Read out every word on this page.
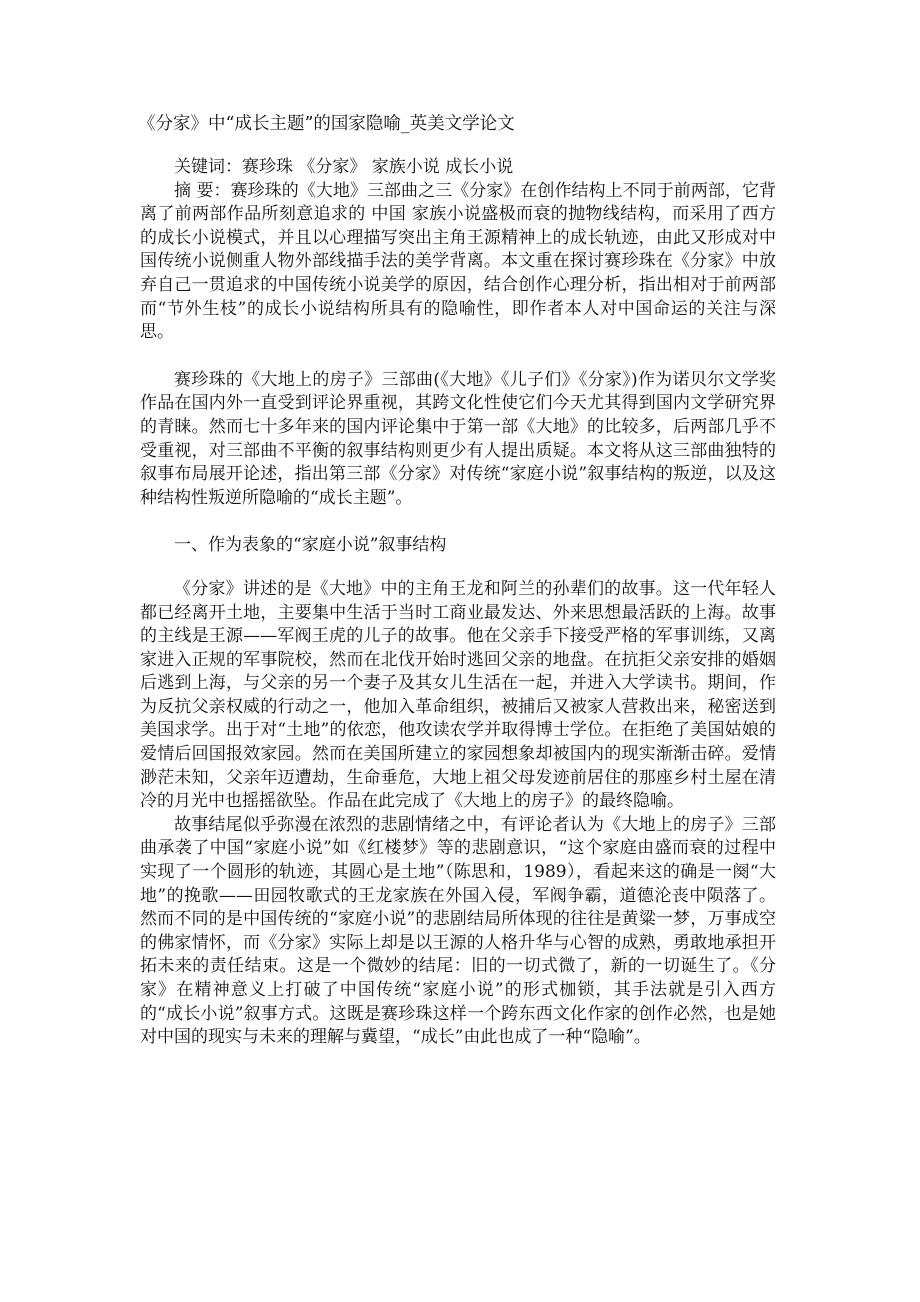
《分家》中“成长主题”的国家隐喻_英美文学论文

关键词：赛珍珠 《分家》 家族小说 成长小说

摘 要：赛珍珠的《大地》三部曲之三《分家》在创作结构上不同于前两部，它背离了前两部作品所刻意追求的 中国 家族小说盛极而衰的抛物线结构，而采用了西方的成长小说模式，并且以心理描写突出主角王源精神上的成长轨迹，由此又形成对中国传统小说侧重人物外部线描手法的美学背离。本文重在探讨赛珍珠在《分家》中放弃自己一贯追求的中国传统小说美学的原因，结合创作心理分析，指出相对于前两部而“节外生枝”的成长小说结构所具有的隐喻性，即作者本人对中国命运的关注与深思。

赛珍珠的《大地上的房子》三部曲(《大地》《儿子们》《分家》)作为诺贝尔文学奖作品在国内外一直受到评论界重视，其跨文化性使它们今天尤其得到国内文学研究界的青睐。然而七十多年来的国内评论集中于第一部《大地》的比较多，后两部几乎不受重视，对三部曲不平衡的叙事结构则更少有人提出质疑。本文将从这三部曲独特的叙事布局展开论述，指出第三部《分家》对传统“家庭小说”叙事结构的叛逆，以及这种结构性叛逆所隐喻的“成长主题”。

一、作为表象的“家庭小说”叙事结构

《分家》讲述的是《大地》中的主角王龙和阿兰的孙辈们的故事。这一代年轻人都已经离开土地，主要集中生活于当时工商业最发达、外来思想最活跃的上海。故事的主线是王源——军阀王虎的儿子的故事。他在父亲手下接受严格的军事训练，又离家进入正规的军事院校，然而在北伐开始时逃回父亲的地盘。在抗拒父亲安排的婚姻后逃到上海，与父亲的另一个妻子及其女儿生活在一起，并进入大学读书。期间，作为反抗父亲权威的行动之一，他加入革命组织，被捕后又被家人营救出来，秘密送到美国求学。出于对“土地”的依恋，他攻读农学并取得博士学位。在拒绝了美国姑娘的爱情后回国报效家园。然而在美国所建立的家园想象却被国内的现实渐渐击碎。爱情渺茫未知，父亲年迈遭劫，生命垂危，大地上祖父母发迹前居住的那座乡村土屋在清冷的月光中也摇摇欲坠。作品在此完成了《大地上的房子》的最终隐喻。

故事结尾似乎弥漫在浓烈的悲剧情绪之中，有评论者认为《大地上的房子》三部曲承袭了中国“家庭小说”如《红楼梦》等的悲剧意识，“这个家庭由盛而衰的过程中实现了一个圆形的轨迹，其圆心是土地”（陈思和，1989），看起来这的确是一阕“大地”的挽歌——田园牧歌式的王龙家族在外国入侵，军阀争霸，道德沦丧中陨落了。然而不同的是中国传统的“家庭小说”的悲剧结局所体现的往往是黄粱一梦，万事成空的佛家情怀，而《分家》实际上却是以王源的人格升华与心智的成熟，勇敢地承担开拓未来的责任结束。这是一个微妙的结尾：旧的一切式微了，新的一切诞生了。《分家》在精神意义上打破了中国传统“家庭小说”的形式枷锁，其手法就是引入西方的“成长小说”叙事方式。这既是赛珍珠这样一个跨东西文化作家的创作必然，也是她对中国的现实与未来的理解与冀望，“成长”由此也成了一种“隐喻”。
